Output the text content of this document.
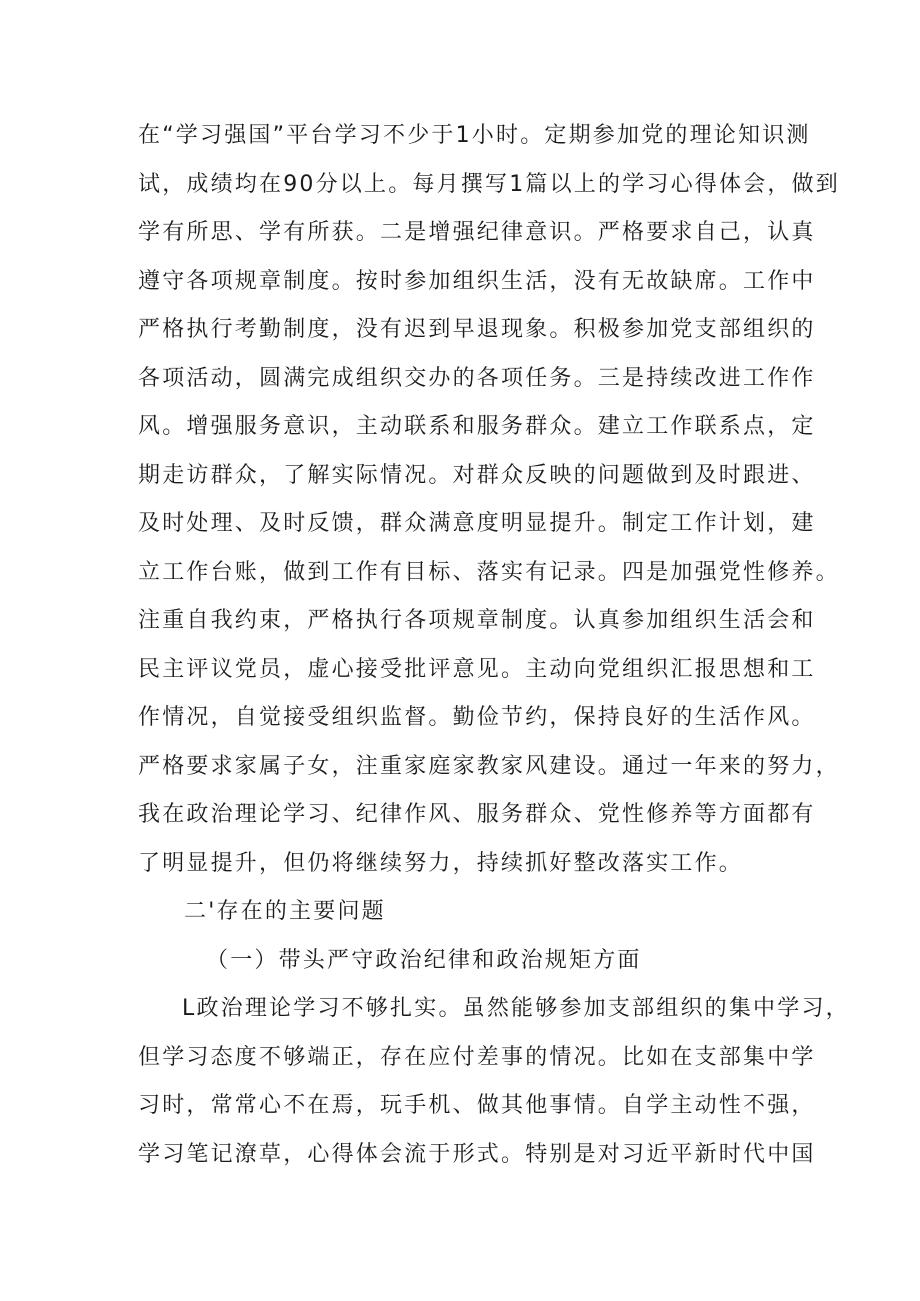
在“学习强国”平台学习不少于1小时。定期参加党的理论知识测
试，成绩均在90分以上。每月撰写1篇以上的学习心得体会，做到
学有所思、学有所获。二是增强纪律意识。严格要求自己，认真
遵守各项规章制度。按时参加组织生活，没有无故缺席。工作中
严格执行考勤制度，没有迟到早退现象。积极参加党支部组织的
各项活动，圆满完成组织交办的各项任务。三是持续改进工作作
风。增强服务意识，主动联系和服务群众。建立工作联系点，定
期走访群众，了解实际情况。对群众反映的问题做到及时跟进、
及时处理、及时反馈，群众满意度明显提升。制定工作计划，建
立工作台账，做到工作有目标、落实有记录。四是加强党性修养。
注重自我约束，严格执行各项规章制度。认真参加组织生活会和
民主评议党员，虚心接受批评意见。主动向党组织汇报思想和工
作情况，自觉接受组织监督。勤俭节约，保持良好的生活作风。
严格要求家属子女，注重家庭家教家风建设。通过一年来的努力，
我在政治理论学习、纪律作风、服务群众、党性修养等方面都有
了明显提升，但仍将继续努力，持续抓好整改落实工作。
二'存在的主要问题
（一）带头严守政治纪律和政治规矩方面
L政治理论学习不够扎实。虽然能够参加支部组织的集中学习，
但学习态度不够端正，存在应付差事的情况。比如在支部集中学
习时，常常心不在焉，玩手机、做其他事情。自学主动性不强，
学习笔记潦草，心得体会流于形式。特别是对习近平新时代中国
